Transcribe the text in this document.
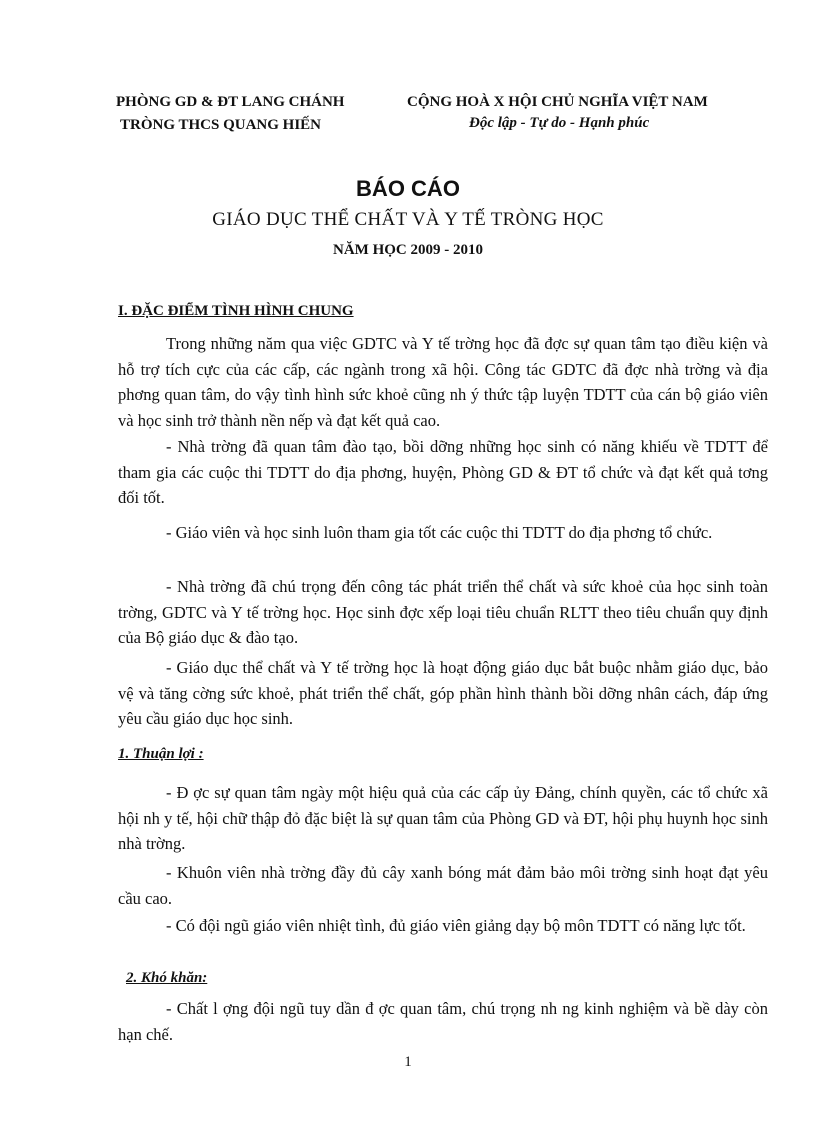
PHÒNG GD & ĐT LANG CHÁNH
TRÒNG THCS QUANG HIẾN
CỘNG HOÀ X HỘI CHỦ NGHĨA VIỆT NAM
Độc lập - Tự do - Hạnh phúc
BÁO CÁO
GIÁO DỤC THỂ CHẤT VÀ Y TẾ TRÒNG HỌC
NĂM HỌC 2009 - 2010
I. ĐẶC ĐIỂM TÌNH HÌNH CHUNG
Trong những năm qua việc GDTC và Y tế trờng học đã đợc sự quan tâm tạo điều kiện và hỗ trợ tích cực của các cấp, các ngành trong xã hội. Công tác GDTC đã đợc nhà trờng và địa phơng quan tâm, do vậy tình hình sức khoẻ cũng nh ý thức tập luyện TDTT của cán bộ giáo viên và học sinh trở thành nền nếp và đạt kết quả cao.
- Nhà trờng đã quan tâm đào tạo, bồi dỡng những học sinh có năng khiếu về TDTT để tham gia các cuộc thi TDTT do địa phơng, huyện, Phòng GD & ĐT tổ chức và đạt kết quả tơng đối tốt.
- Giáo viên và học sinh luôn tham gia tốt các cuộc thi TDTT do địa phơng tổ chức.
- Nhà trờng đã chú trọng đến công tác phát triển thể chất và sức khoẻ của học sinh toàn trờng, GDTC và Y tế trờng học. Học sinh đợc xếp loại tiêu chuẩn RLTT theo tiêu chuẩn quy định của Bộ giáo dục & đào tạo.
- Giáo dục thể chất và Y tế trờng học là hoạt động giáo dục bắt buộc nhằm giáo dục, bảo vệ và tăng cờng sức khoẻ, phát triển thể chất, góp phần hình thành bồi dỡng nhân cách, đáp ứng yêu cầu giáo dục học sinh.
1. Thuận lợi :
- Đ ợc sự quan tâm ngày một hiệu quả của các cấp ủy Đảng, chính quyền, các tổ chức xã hội nh y tế, hội chữ thập đỏ đặc biệt là sự quan tâm của Phòng GD và ĐT, hội phụ huynh học sinh nhà trờng.
- Khuôn viên nhà trờng đầy đủ cây xanh bóng mát đảm bảo môi trờng sinh hoạt đạt yêu cầu cao.
- Có đội ngũ giáo viên nhiệt tình, đủ giáo viên giảng dạy bộ môn TDTT có năng lực tốt.
2. Khó khăn:
- Chất l ợng đội ngũ tuy dần đ ợc quan tâm, chú trọng nh ng kinh nghiệm và bề dày còn hạn chế.
1
